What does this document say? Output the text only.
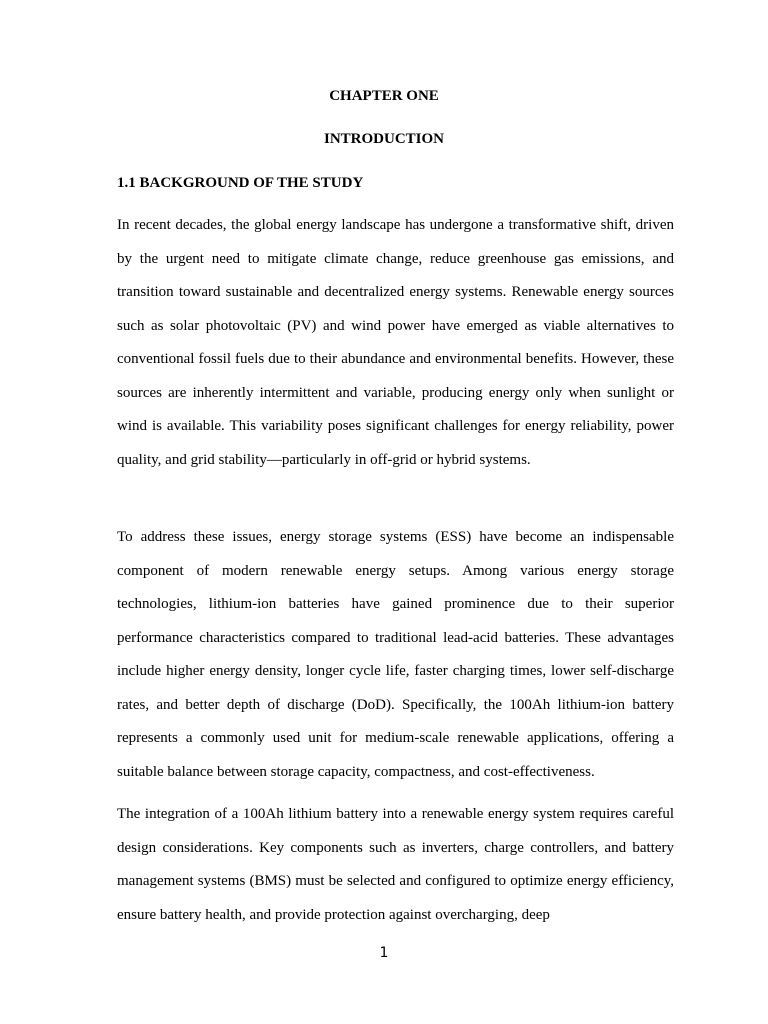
CHAPTER ONE
INTRODUCTION
1.1 BACKGROUND OF THE STUDY

In recent decades, the global energy landscape has undergone a transformative shift, driven by the urgent need to mitigate climate change, reduce greenhouse gas emissions, and transition toward sustainable and decentralized energy systems. Renewable energy sources such as solar photovoltaic (PV) and wind power have emerged as viable alternatives to conventional fossil fuels due to their abundance and environmental benefits. However, these sources are inherently intermittent and variable, producing energy only when sunlight or wind is available. This variability poses significant challenges for energy reliability, power quality, and grid stability—particularly in off-grid or hybrid systems.

To address these issues, energy storage systems (ESS) have become an indispensable component of modern renewable energy setups. Among various energy storage technologies, lithium-ion batteries have gained prominence due to their superior performance characteristics compared to traditional lead-acid batteries. These advantages include higher energy density, longer cycle life, faster charging times, lower self-discharge rates, and better depth of discharge (DoD). Specifically, the 100Ah lithium-ion battery represents a commonly used unit for medium-scale renewable applications, offering a suitable balance between storage capacity, compactness, and cost-effectiveness.

The integration of a 100Ah lithium battery into a renewable energy system requires careful design considerations. Key components such as inverters, charge controllers, and battery management systems (BMS) must be selected and configured to optimize energy efficiency, ensure battery health, and provide protection against overcharging, deep

1
